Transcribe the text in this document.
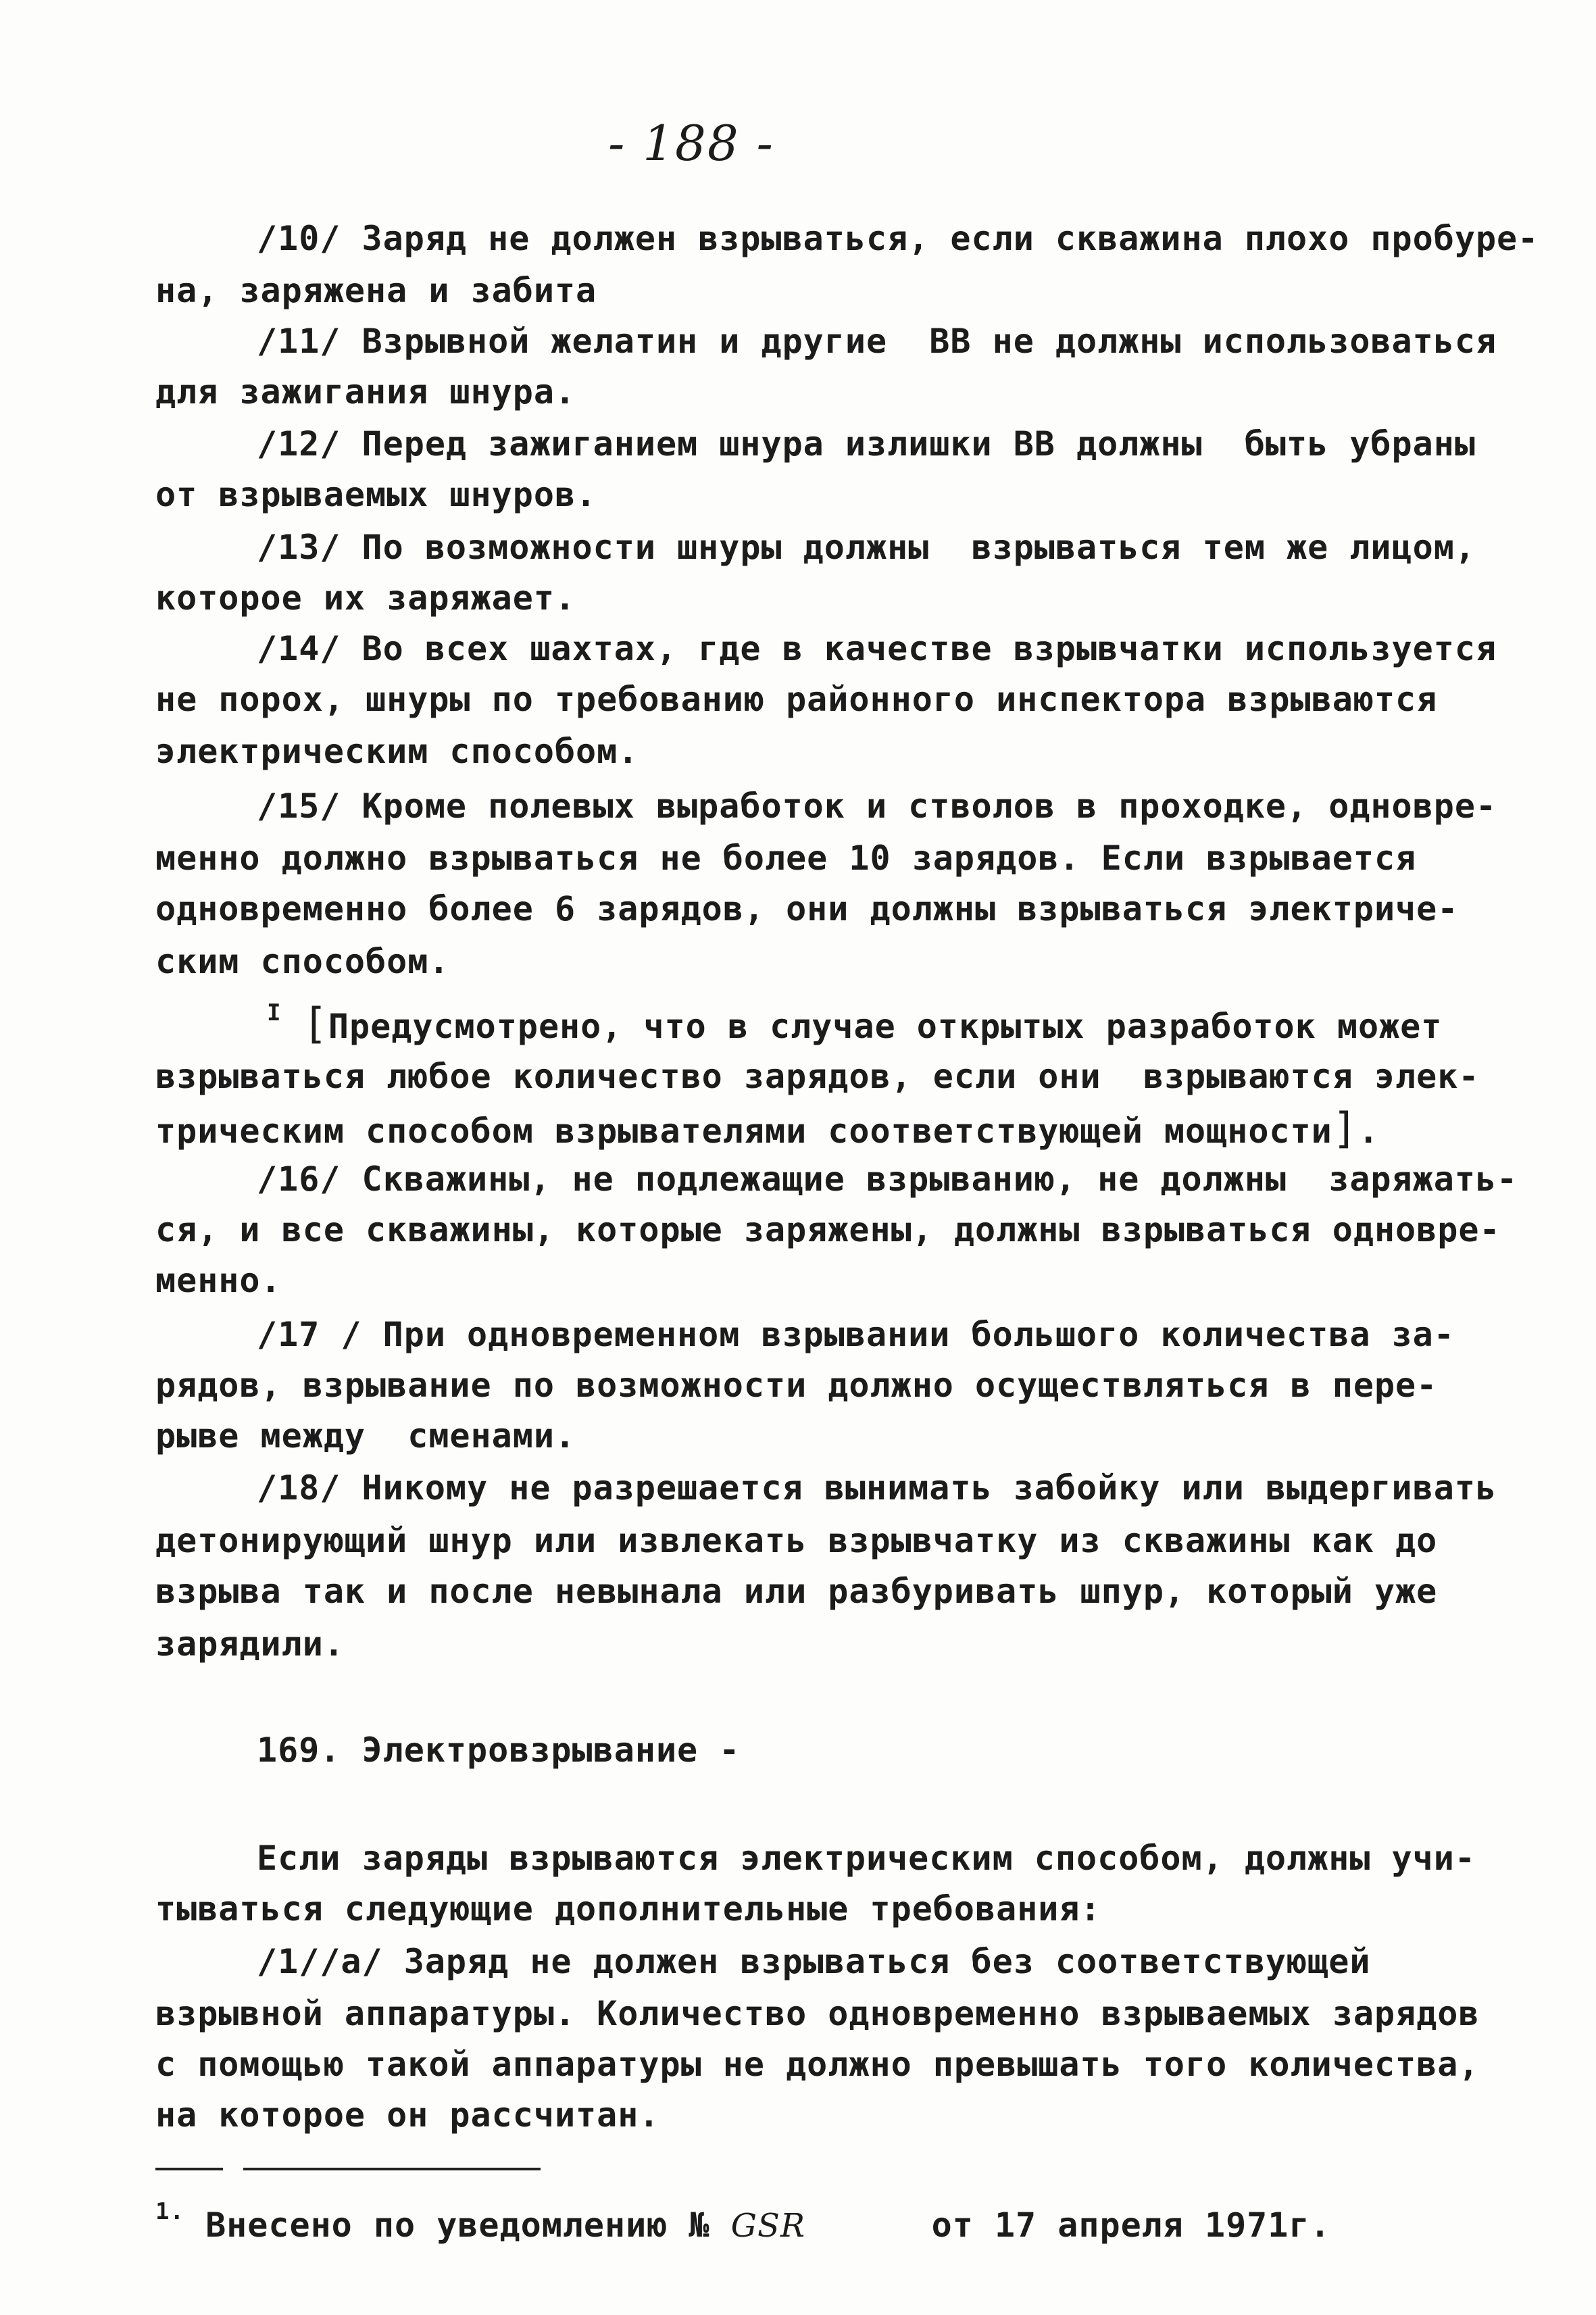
- 188 -
/10/ Заряд не должен взрываться, если скважина плохо пробуре-
на, заряжена и забита
/11/ Взрывной желатин и другие  ВВ не должны использоваться
для зажигания шнура.
/12/ Перед зажиганием шнура излишки ВВ должны  быть убраны
от взрываемых шнуров.
/13/ По возможности шнуры должны  взрываться тем же лицом,
которое их заряжает.
/14/ Во всех шахтах, где в качестве взрывчатки используется
не порох, шнуры по требованию районного инспектора взрываются
электрическим способом.
/15/ Кроме полевых выработок и стволов в проходке, одновре-
менно должно взрываться не более 10 зарядов. Если взрывается
одновременно более 6 зарядов, они должны взрываться электриче-
ским способом.
$^I$ [Предусмотрено, что в случае открытых разработок может
взрываться любое количество зарядов, если они  взрываются элек-
трическим способом взрывателями соответствующей мощности].
/16/ Скважины, не подлежащие взрыванию, не должны  заряжать-
ся, и все скважины, которые заряжены, должны взрываться одновре-
менно.
/17 / При одновременном взрывании большого количества за-
рядов, взрывание по возможности должно осуществляться в пере-
рыве между  сменами.
/18/ Никому не разрешается вынимать забойку или выдергивать
детонирующий шнур или извлекать взрывчатку из скважины как до
взрыва так и после невынала или разбуривать шпур, который уже
зарядили.
169. Электровзрывание -
Если заряды взрываются электрическим способом, должны учи-
тываться следующие дополнительные требования:
/1//а/ Заряд не должен взрываться без соответствующей
взрывной аппаратуры. Количество одновременно взрываемых зарядов
с помощью такой аппаратуры не должно превышать того количества,
на которое он рассчитан.
$^{1.}$ Внесено по уведомлению № GSR	от 17 апреля 1971г.
